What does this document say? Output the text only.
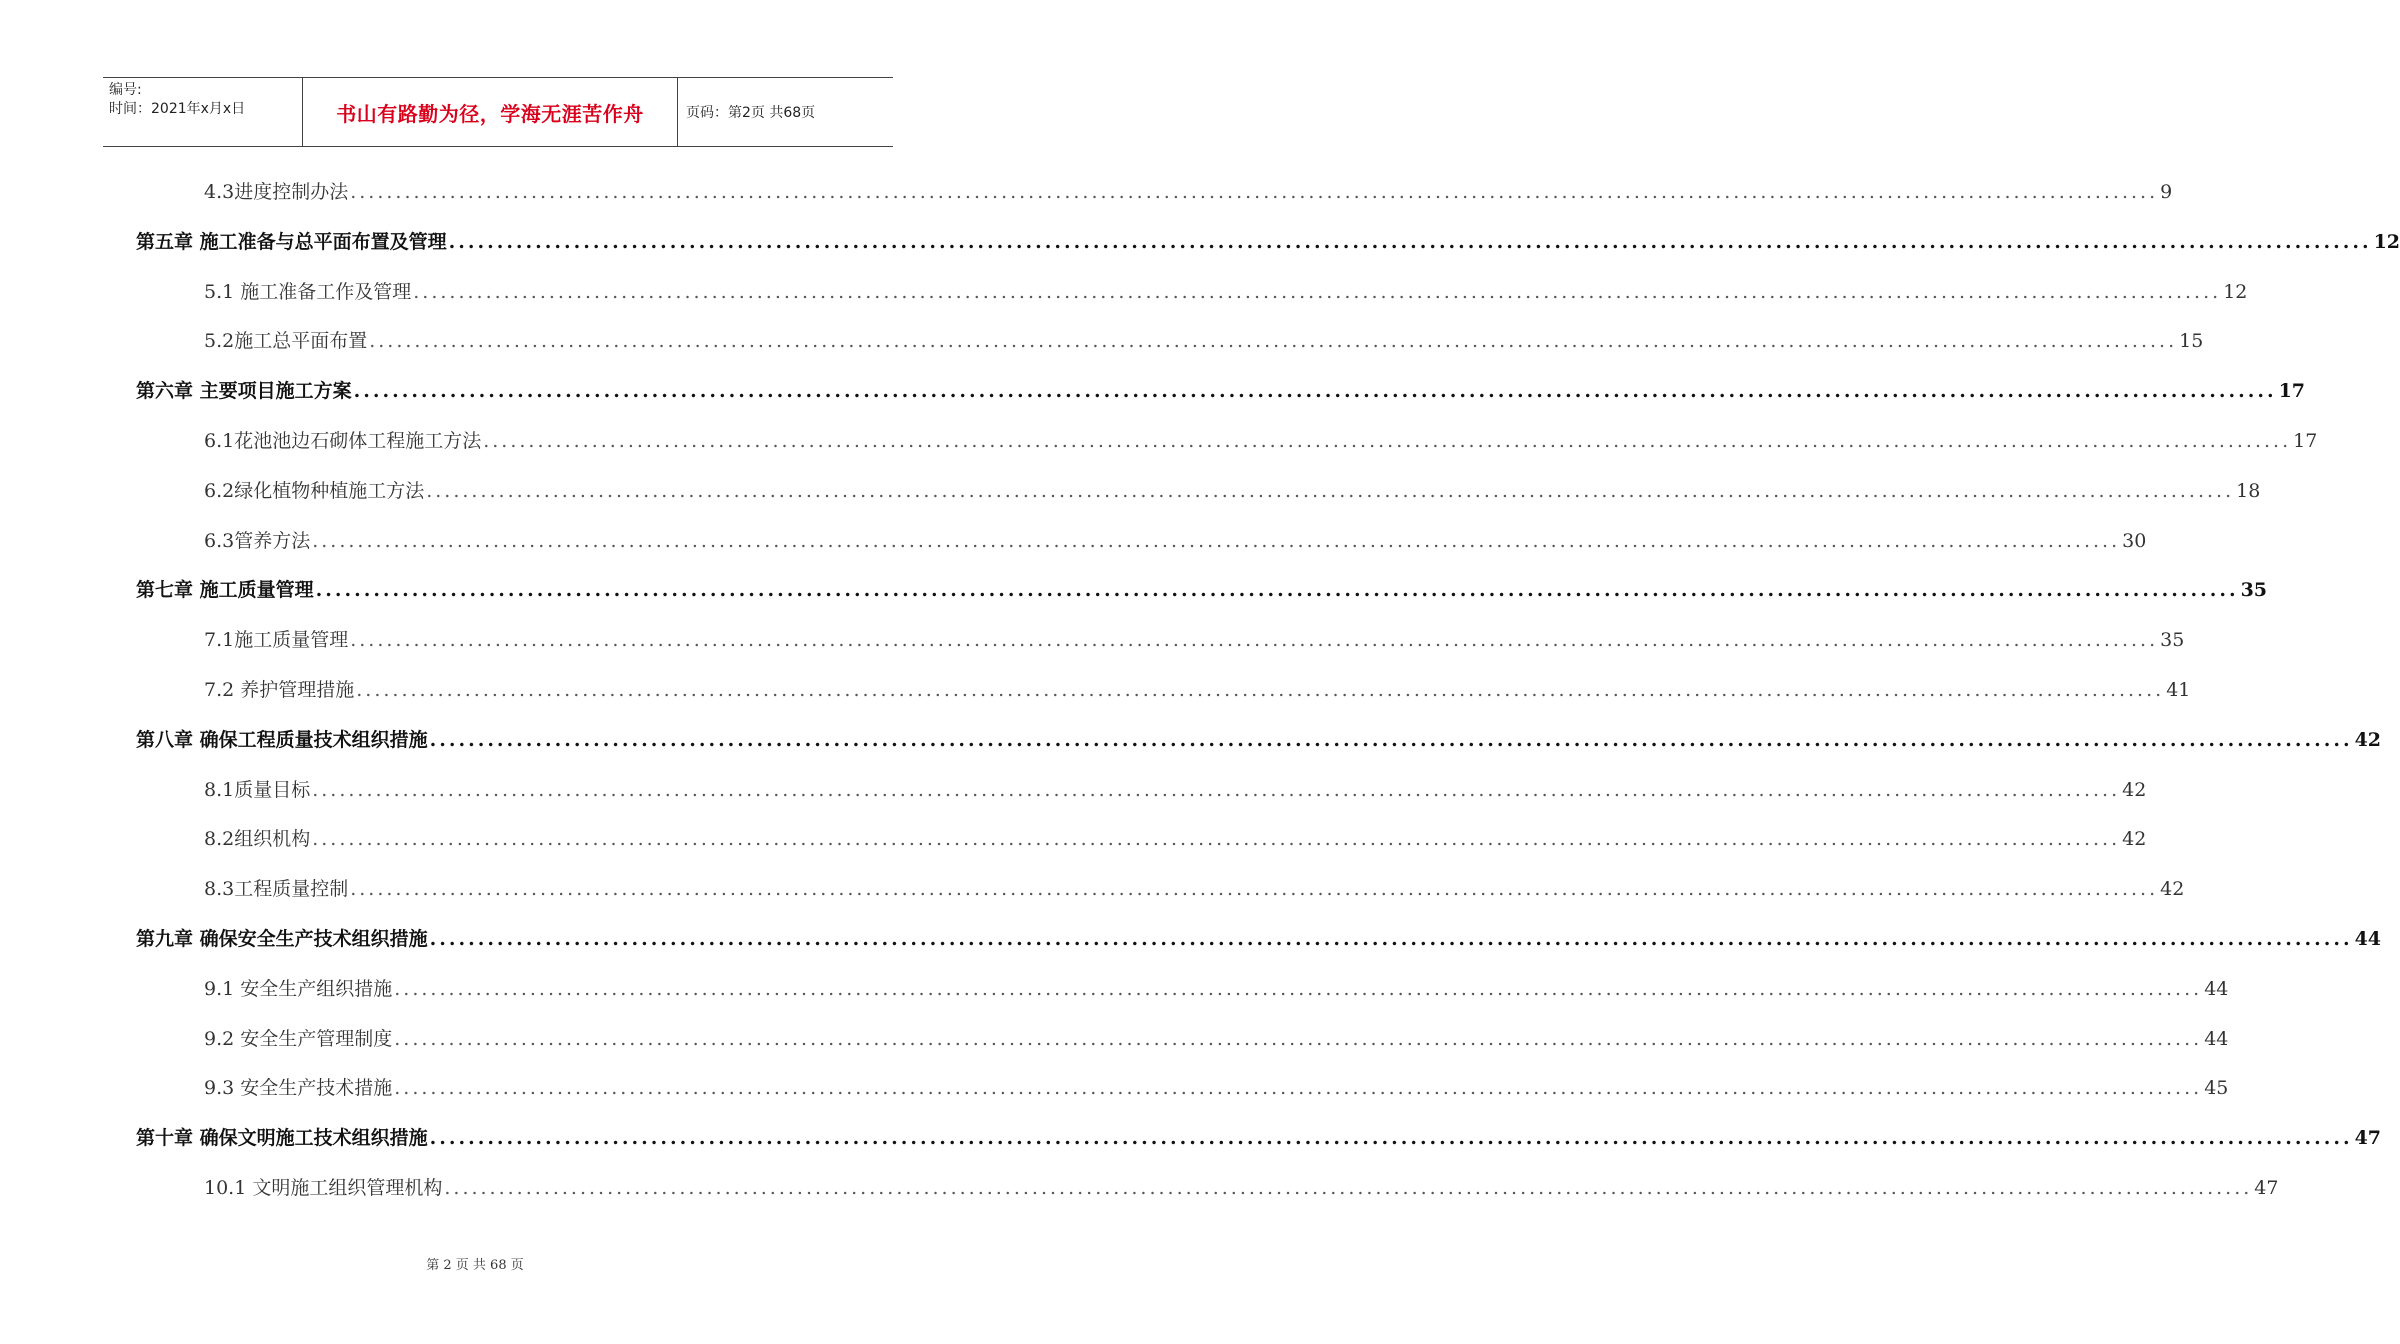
编号:
时间：2021年x月x日	书山有路勤为径，学海无涯苦作舟	页码：第2页 共68页
4.3进度控制办法 ........................................................................................................................................................................................................ 9
第五章 施工准备与总平面布置及管理 ........................................................................................................................................................................................................ 12
5.1 施工准备工作及管理 ........................................................................................................................................................................................................ 12
5.2施工总平面布置 ........................................................................................................................................................................................................ 15
第六章 主要项目施工方案 ........................................................................................................................................................................................................ 17
6.1花池池边石砌体工程施工方法 ........................................................................................................................................................................................................ 17
6.2绿化植物种植施工方法 ........................................................................................................................................................................................................ 18
6.3管养方法 ........................................................................................................................................................................................................ 30
第七章 施工质量管理 ........................................................................................................................................................................................................ 35
7.1施工质量管理 ........................................................................................................................................................................................................ 35
7.2 养护管理措施 ........................................................................................................................................................................................................ 41
第八章 确保工程质量技术组织措施 ........................................................................................................................................................................................................ 42
8.1质量目标 ........................................................................................................................................................................................................ 42
8.2组织机构 ........................................................................................................................................................................................................ 42
8.3工程质量控制 ........................................................................................................................................................................................................ 42
第九章 确保安全生产技术组织措施 ........................................................................................................................................................................................................ 44
9.1 安全生产组织措施 ........................................................................................................................................................................................................ 44
9.2 安全生产管理制度 ........................................................................................................................................................................................................ 44
9.3 安全生产技术措施 ........................................................................................................................................................................................................ 45
第十章 确保文明施工技术组织措施 ........................................................................................................................................................................................................ 47
10.1 文明施工组织管理机构 ........................................................................................................................................................................................................ 47
第 2 页 共 68 页
